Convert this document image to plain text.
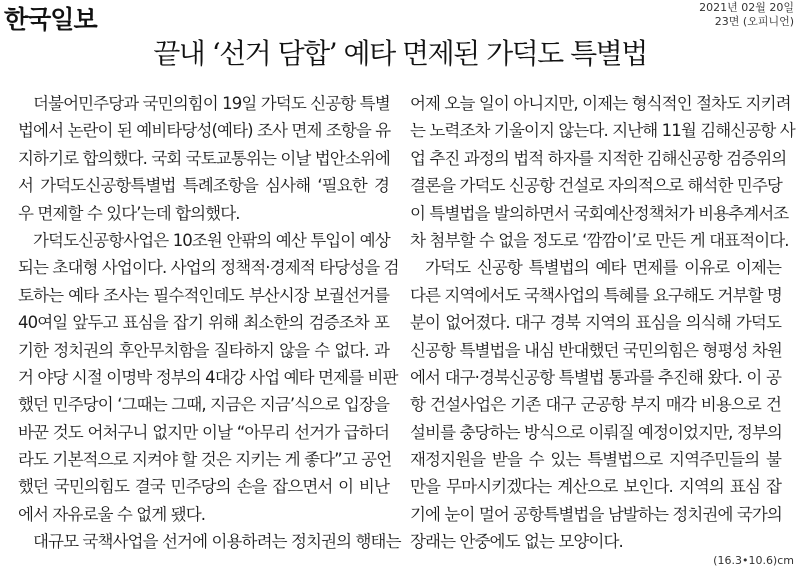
한국일보	2021년 02월 20일
23면 (오피니언)
끝내 ‘선거 담합’ 예타 면제된 가덕도 특별법
더불어민주당과 국민의힘이 19일 가덕도 신공항 특별
법에서 논란이 된 예비타당성(예타) 조사 면제 조항을 유
지하기로 합의했다. 국회 국토교통위는 이날 법안소위에
서 가덕도신공항특별법 특례조항을 심사해 ‘필요한 경
우 면제할 수 있다’는데 합의했다.
가덕도신공항사업은 10조원 안팎의 예산 투입이 예상
되는 초대형 사업이다. 사업의 정책적·경제적 타당성을 검
토하는 예타 조사는 필수적인데도 부산시장 보궐선거를
40여일 앞두고 표심을 잡기 위해 최소한의 검증조차 포
기한 정치권의 후안무치함을 질타하지 않을 수 없다. 과
거 야당 시절 이명박 정부의 4대강 사업 예타 면제를 비판
했던 민주당이 ‘그때는 그때, 지금은 지금’식으로 입장을
바꾼 것도 어처구니 없지만 이날 “아무리 선거가 급하더
라도 기본적으로 지켜야 할 것은 지키는 게 좋다”고 공언
했던 국민의힘도 결국 민주당의 손을 잡으면서 이 비난
에서 자유로울 수 없게 됐다.
대규모 국책사업을 선거에 이용하려는 정치권의 행태는
어제 오늘 일이 아니지만, 이제는 형식적인 절차도 지키려
는 노력조차 기울이지 않는다. 지난해 11월 김해신공항 사
업 추진 과정의 법적 하자를 지적한 김해신공항 검증위의
결론을 가덕도 신공항 건설로 자의적으로 해석한 민주당
이 특별법을 발의하면서 국회예산정책처가 비용추계서조
차 첨부할 수 없을 정도로 ‘깜깜이’로 만든 게 대표적이다.
가덕도 신공항 특별법의 예타 면제를 이유로 이제는
다른 지역에서도 국책사업의 특혜를 요구해도 거부할 명
분이 없어졌다. 대구 경북 지역의 표심을 의식해 가덕도
신공항 특별법을 내심 반대했던 국민의힘은 형평성 차원
에서 대구·경북신공항 특별법 통과를 추진해 왔다. 이 공
항 건설사업은 기존 대구 군공항 부지 매각 비용으로 건
설비를 충당하는 방식으로 이뤄질 예정이었지만, 정부의
재정지원을 받을 수 있는 특별법으로 지역주민들의 불
만을 무마시키겠다는 계산으로 보인다. 지역의 표심 잡
기에 눈이 멀어 공항특별법을 남발하는 정치권에 국가의
장래는 안중에도 없는 모양이다.
(16.3•10.6)cm
